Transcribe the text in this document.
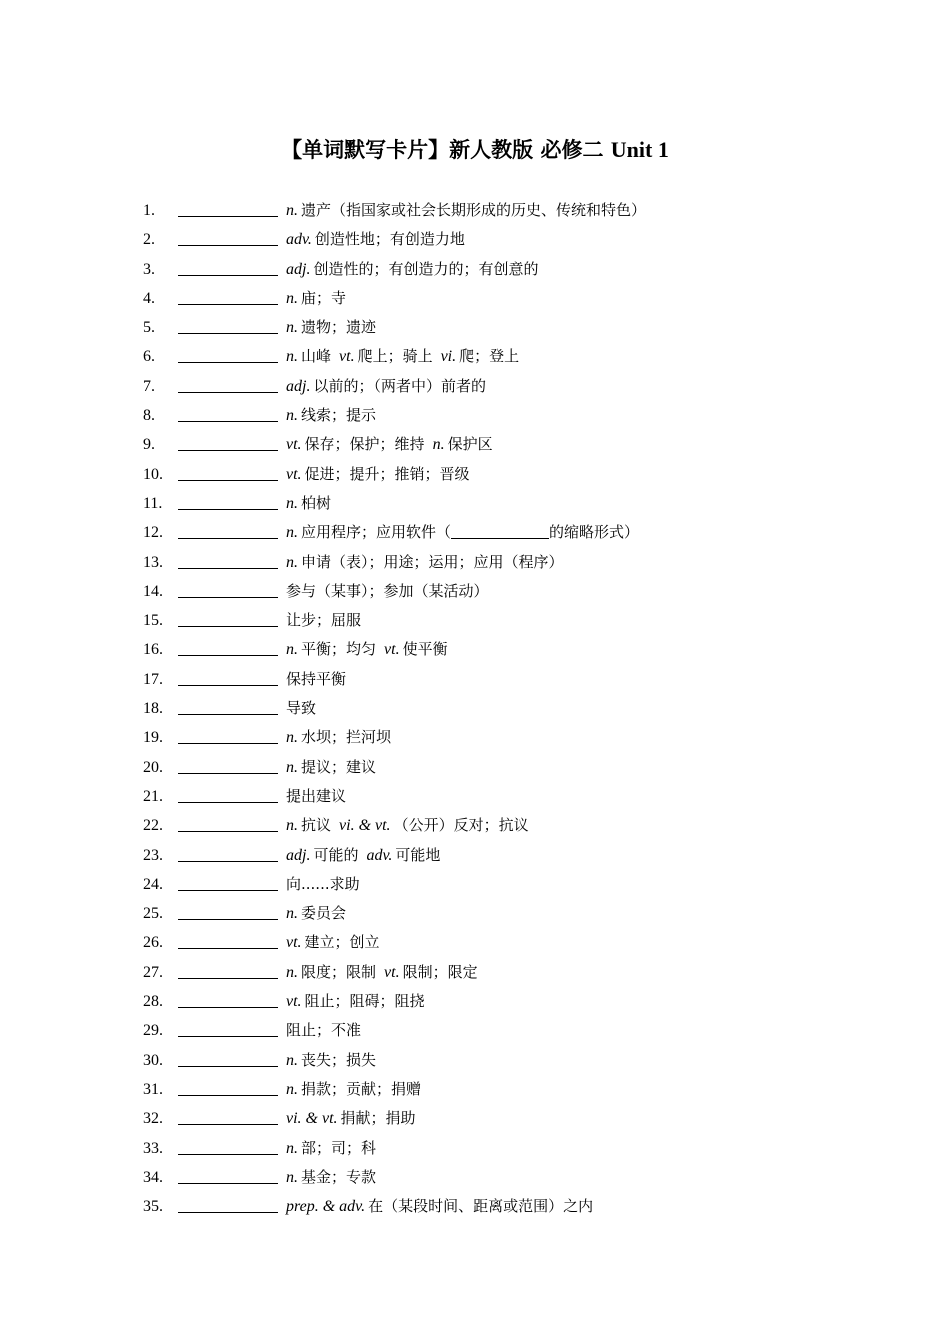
【单词默写卡片】新人教版 必修二 Unit 1
1.	n. 遗产（指国家或社会长期形成的历史、传统和特色）
2.	adv. 创造性地；有创造力地
3.	adj. 创造性的；有创造力的；有创意的
4.	n. 庙；寺
5.	n. 遗物；遗迹
6.	n. 山峰 vt. 爬上；骑上 vi. 爬；登上
7.	adj. 以前的；（两者中）前者的
8.	n. 线索；提示
9.	vt. 保存；保护；维持 n. 保护区
10.	vt. 促进；提升；推销；晋级
11.	n. 柏树
12.	n. 应用程序；应用软件（	的缩略形式）
13.	n. 申请（表）；用途；运用；应用（程序）
14.	参与（某事）；参加（某活动）
15.	让步；屈服
16.	n. 平衡；均匀 vt. 使平衡
17.	保持平衡
18.	导致
19.	n. 水坝；拦河坝
20.	n. 提议；建议
21.	提出建议
22.	n. 抗议 vi. & vt. （公开）反对；抗议
23.	adj. 可能的 adv. 可能地
24.	向......求助
25.	n. 委员会
26.	vt. 建立；创立
27.	n. 限度；限制 vt. 限制；限定
28.	vt. 阻止；阻碍；阻挠
29.	阻止；不准
30.	n. 丧失；损失
31.	n. 捐款；贡献；捐赠
32.	vi. & vt. 捐献；捐助
33.	n. 部；司；科
34.	n. 基金；专款
35.	prep. & adv. 在（某段时间、距离或范围）之内
